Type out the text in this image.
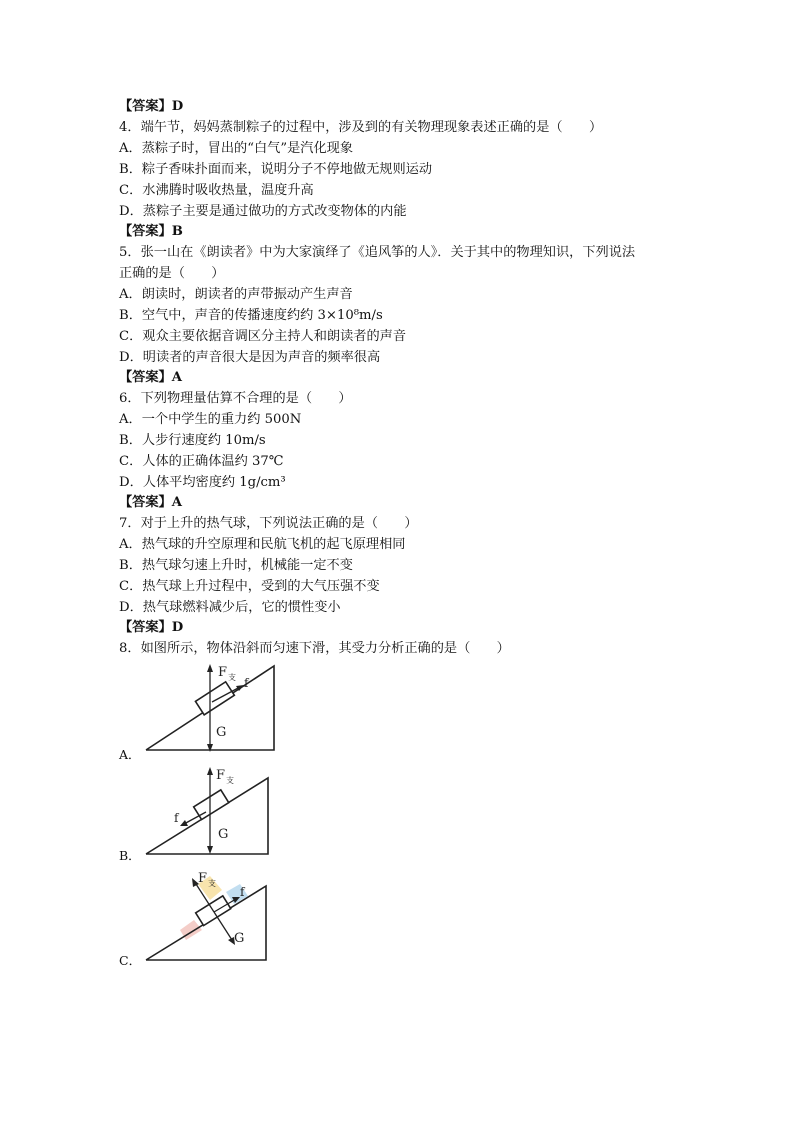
【答案】D
4．端午节，妈妈蒸制粽子的过程中，涉及到的有关物理现象表述正确的是（　　）
A．蒸粽子时，冒出的“白气”是汽化现象
B．粽子香味扑面而来，说明分子不停地做无规则运动
C．水沸腾时吸收热量，温度升高
D．蒸粽子主要是通过做功的方式改变物体的内能
【答案】B
5．张一山在《朗读者》中为大家演绎了《追风筝的人》．关于其中的物理知识，下列说法
正确的是（　　）
A．朗读时，朗读者的声带振动产生声音
B．空气中，声音的传播速度约约 3×10⁸m/s
C．观众主要依据音调区分主持人和朗读者的声音
D．明读者的声音很大是因为声音的频率很高
【答案】A
6．下列物理量估算不合理的是（　　）
A．一个中学生的重力约 500N
B．人步行速度约 10m/s
C．人体的正确体温约 37℃
D．人体平均密度约 1g/cm³
【答案】A
7．对于上升的热气球，下列说法正确的是（　　）
A．热气球的升空原理和民航飞机的起飞原理相同
B．热气球匀速上升时，机械能一定不变
C．热气球上升过程中，受到的大气压强不变
D．热气球燃料减少后，它的惯性变小
【答案】D
8．如图所示，物体沿斜而匀速下滑，其受力分析正确的是（　　）
A．
F 支 f
G
B．
F 支
f
G
C．
F 支
f
G
